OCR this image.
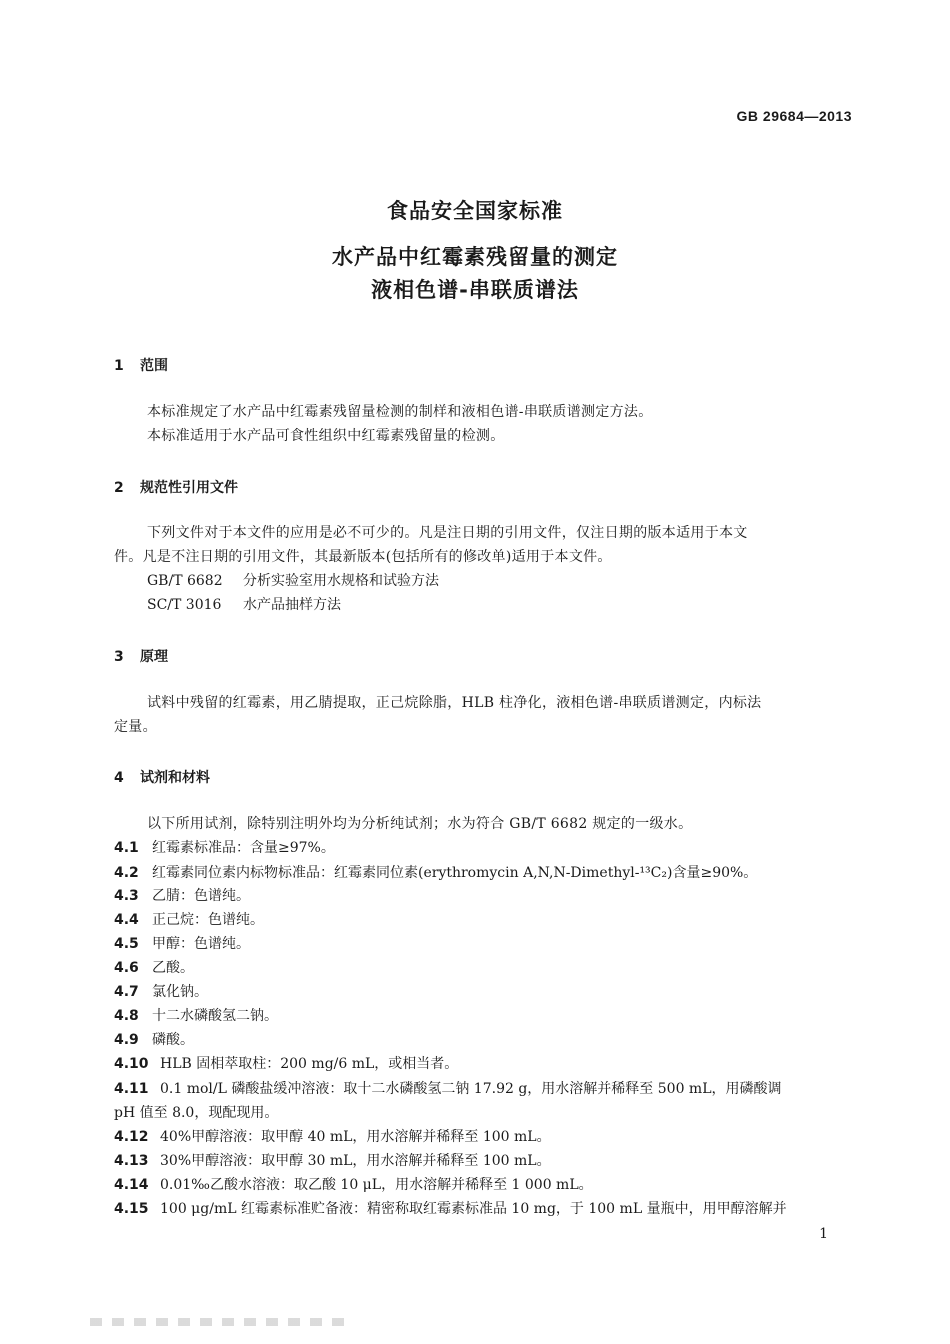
GB 29684—2013
食品安全国家标准
水产品中红霉素残留量的测定
液相色谱-串联质谱法
1 范围
本标准规定了水产品中红霉素残留量检测的制样和液相色谱-串联质谱测定方法。
本标准适用于水产品可食性组织中红霉素残留量的检测。
2 规范性引用文件
下列文件对于本文件的应用是必不可少的。凡是注日期的引用文件，仅注日期的版本适用于本文
件。凡是不注日期的引用文件，其最新版本(包括所有的修改单)适用于本文件。
GB/T 6682 分析实验室用水规格和试验方法
SC/T 3016 水产品抽样方法
3 原理
试料中残留的红霉素，用乙腈提取，正己烷除脂，HLB 柱净化，液相色谱-串联质谱测定，内标法
定量。
4 试剂和材料
以下所用试剂，除特别注明外均为分析纯试剂；水为符合 GB/T 6682 规定的一级水。
4.1 红霉素标准品：含量≥97%。
4.2 红霉素同位素内标物标准品：红霉素同位素(erythromycin A,N,N-Dimethyl-¹³C₂)含量≥90%。
4.3 乙腈：色谱纯。
4.4 正己烷：色谱纯。
4.5 甲醇：色谱纯。
4.6 乙酸。
4.7 氯化钠。
4.8 十二水磷酸氢二钠。
4.9 磷酸。
4.10 HLB 固相萃取柱：200 mg/6 mL，或相当者。
4.11 0.1 mol/L 磷酸盐缓冲溶液：取十二水磷酸氢二钠 17.92 g，用水溶解并稀释至 500 mL，用磷酸调
pH 值至 8.0，现配现用。
4.12 40%甲醇溶液：取甲醇 40 mL，用水溶解并稀释至 100 mL。
4.13 30%甲醇溶液：取甲醇 30 mL，用水溶解并稀释至 100 mL。
4.14 0.01‰乙酸水溶液：取乙酸 10 μL，用水溶解并稀释至 1 000 mL。
4.15 100 μg/mL 红霉素标准贮备液：精密称取红霉素标准品 10 mg，于 100 mL 量瓶中，用甲醇溶解并
1
